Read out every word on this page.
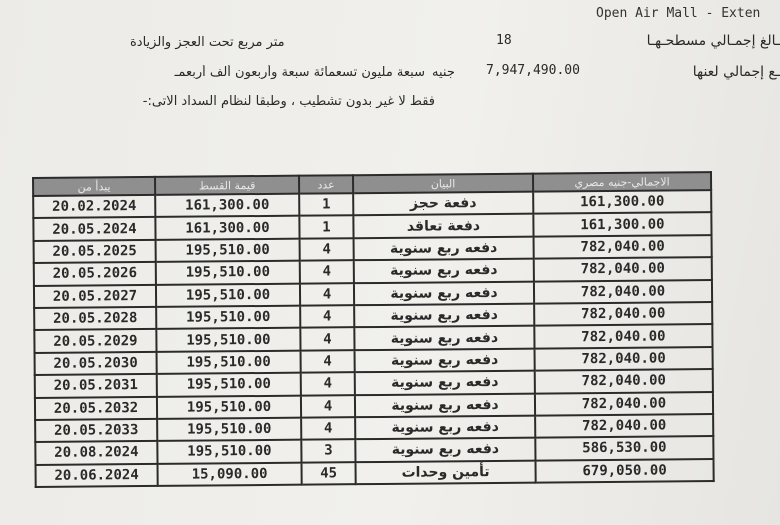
Open Air Mall - Exten
ـالغ إجمـالي مسطحـهـا
18
متر مربع تحت العجز والزيادة
ـع إجمالي لعنها
7,947,490.00
جنيه
سبعة مليون تسعمائة سبعة وأربعون ألف أربعمـ
فقط لا غير بدون تشطيب ، وطبقا لنظام السداد الاتى:-
يبدأ من	قيمة القسط	عدد	البيان	الاجمالي-جنيه مصري
20.02.2024	161,300.00	1	دفعة حجز	161,300.00
20.05.2024	161,300.00	1	دفعة تعاقد	161,300.00
20.05.2025	195,510.00	4	دفعه ربع سنوية	782,040.00
20.05.2026	195,510.00	4	دفعه ربع سنوية	782,040.00
20.05.2027	195,510.00	4	دفعه ربع سنوية	782,040.00
20.05.2028	195,510.00	4	دفعه ربع سنوية	782,040.00
20.05.2029	195,510.00	4	دفعه ربع سنوية	782,040.00
20.05.2030	195,510.00	4	دفعه ربع سنوية	782,040.00
20.05.2031	195,510.00	4	دفعه ربع سنوية	782,040.00
20.05.2032	195,510.00	4	دفعه ربع سنوية	782,040.00
20.05.2033	195,510.00	4	دفعه ربع سنوية	782,040.00
20.08.2024	195,510.00	3	دفعه ربع سنوية	586,530.00
20.06.2024	15,090.00	45	تأمين وحدات	679,050.00
